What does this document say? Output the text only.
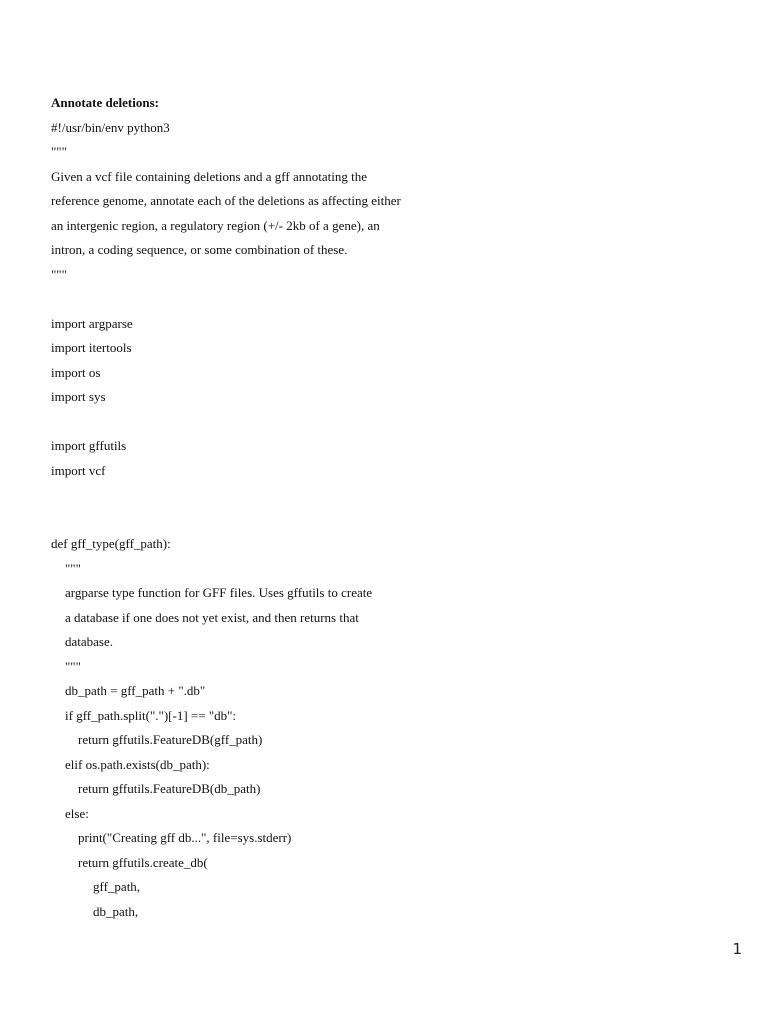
Annotate deletions:
#!/usr/bin/env python3
"""
Given a vcf file containing deletions and a gff annotating the
reference genome, annotate each of the deletions as affecting either
an intergenic region, a regulatory region (+/- 2kb of a gene), an
intron, a coding sequence, or some combination of these.
"""
import argparse
import itertools
import os
import sys
import gffutils
import vcf
def gff_type(gff_path):
"""
argparse type function for GFF files. Uses gffutils to create
a database if one does not yet exist, and then returns that
database.
"""
db_path = gff_path + ".db"
if gff_path.split(".")[-1] == "db":
return gffutils.FeatureDB(gff_path)
elif os.path.exists(db_path):
return gffutils.FeatureDB(db_path)
else:
print("Creating gff db...", file=sys.stderr)
return gffutils.create_db(
gff_path,
db_path,
1
